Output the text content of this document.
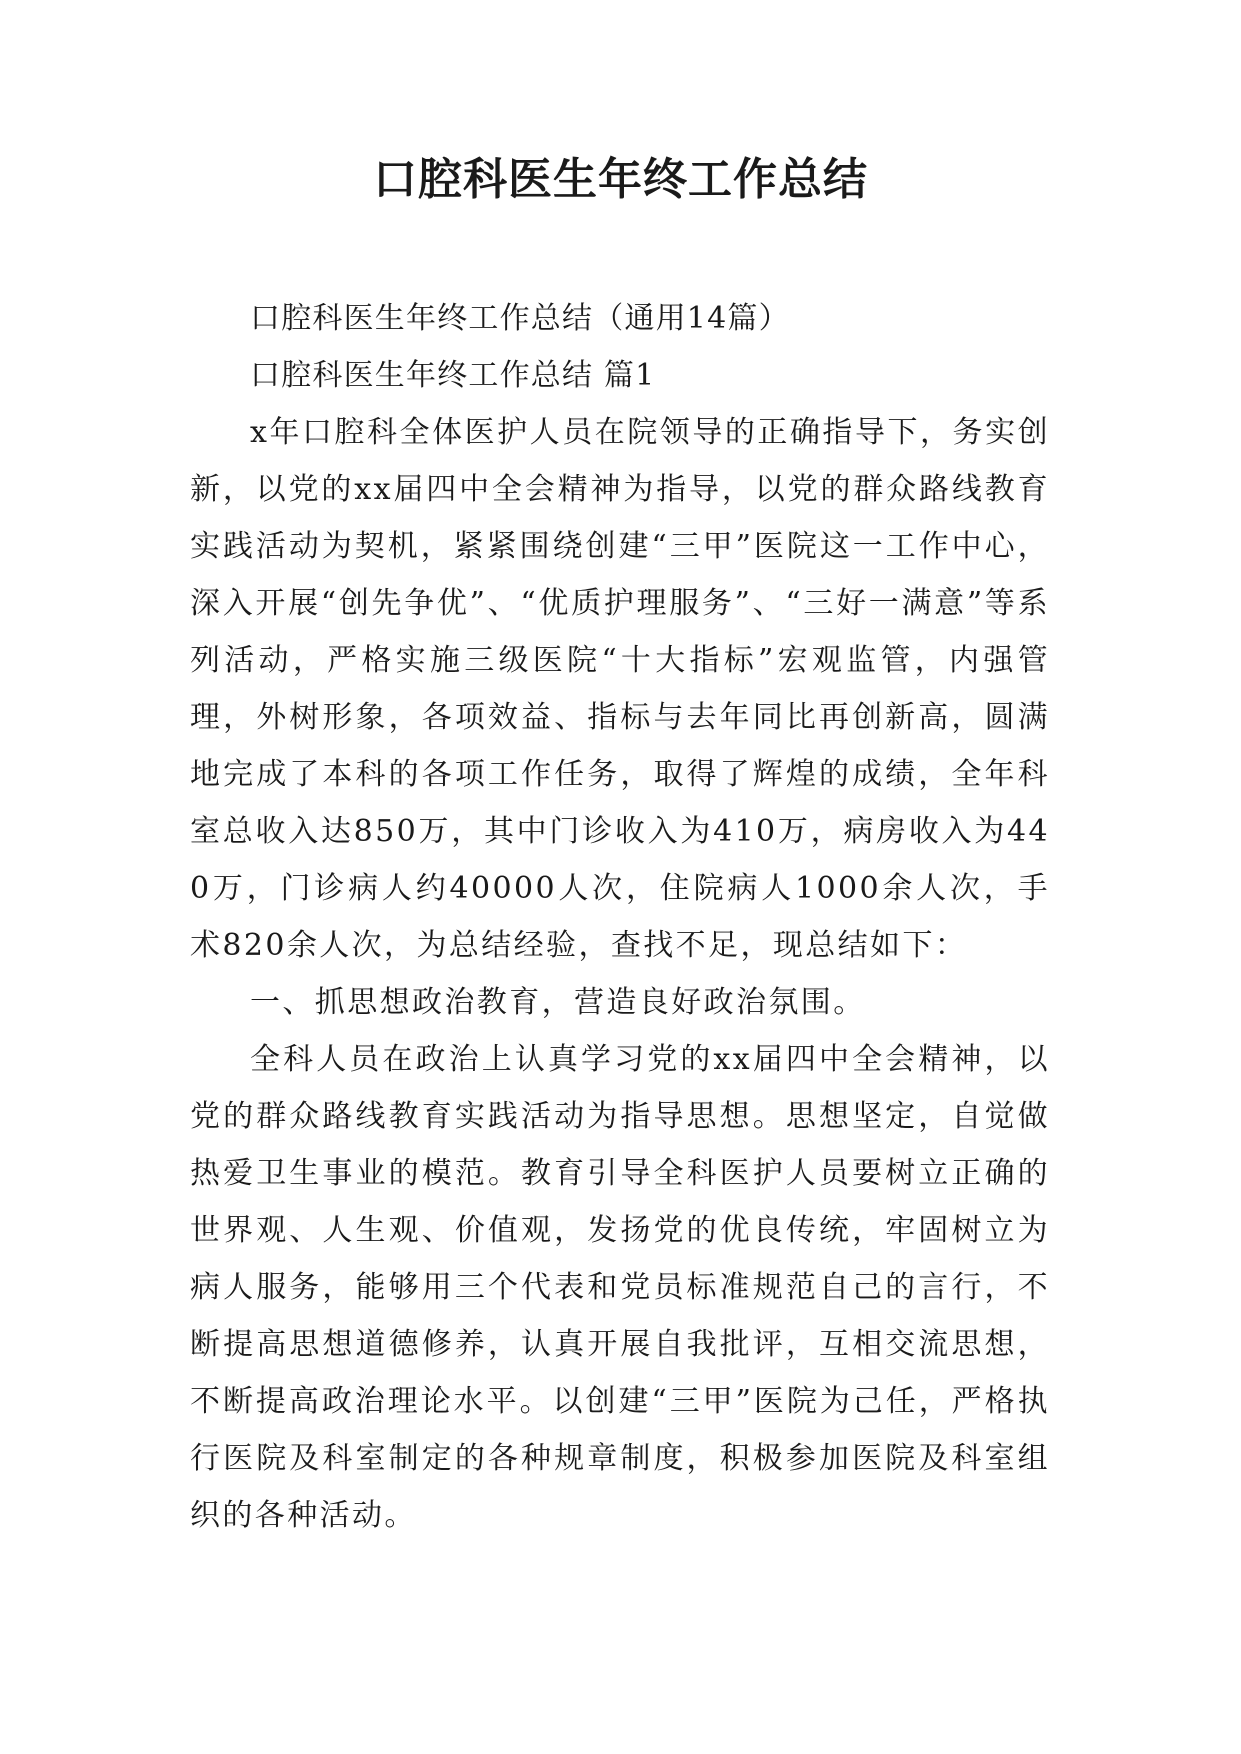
口腔科医生年终工作总结

口腔科医生年终工作总结（通用14篇）

口腔科医生年终工作总结 篇1

x年口腔科全体医护人员在院领导的正确指导下，务实创新，以党的xx届四中全会精神为指导，以党的群众路线教育实践活动为契机，紧紧围绕创建“三甲”医院这一工作中心，深入开展“创先争优”、“优质护理服务”、“三好一满意”等系列活动，严格实施三级医院“十大指标”宏观监管，内强管理，外树形象，各项效益、指标与去年同比再创新高，圆满地完成了本科的各项工作任务，取得了辉煌的成绩，全年科室总收入达850万，其中门诊收入为410万，病房收入为440万，门诊病人约40000人次，住院病人1000余人次，手术820余人次，为总结经验，查找不足，现总结如下：

一、抓思想政治教育，营造良好政治氛围。

全科人员在政治上认真学习党的xx届四中全会精神，以党的群众路线教育实践活动为指导思想。思想坚定，自觉做热爱卫生事业的模范。教育引导全科医护人员要树立正确的世界观、人生观、价值观，发扬党的优良传统，牢固树立为病人服务，能够用三个代表和党员标准规范自己的言行，不断提高思想道德修养，认真开展自我批评，互相交流思想，不断提高政治理论水平。以创建“三甲”医院为己任，严格执行医院及科室制定的各种规章制度，积极参加医院及科室组织的各种活动。
